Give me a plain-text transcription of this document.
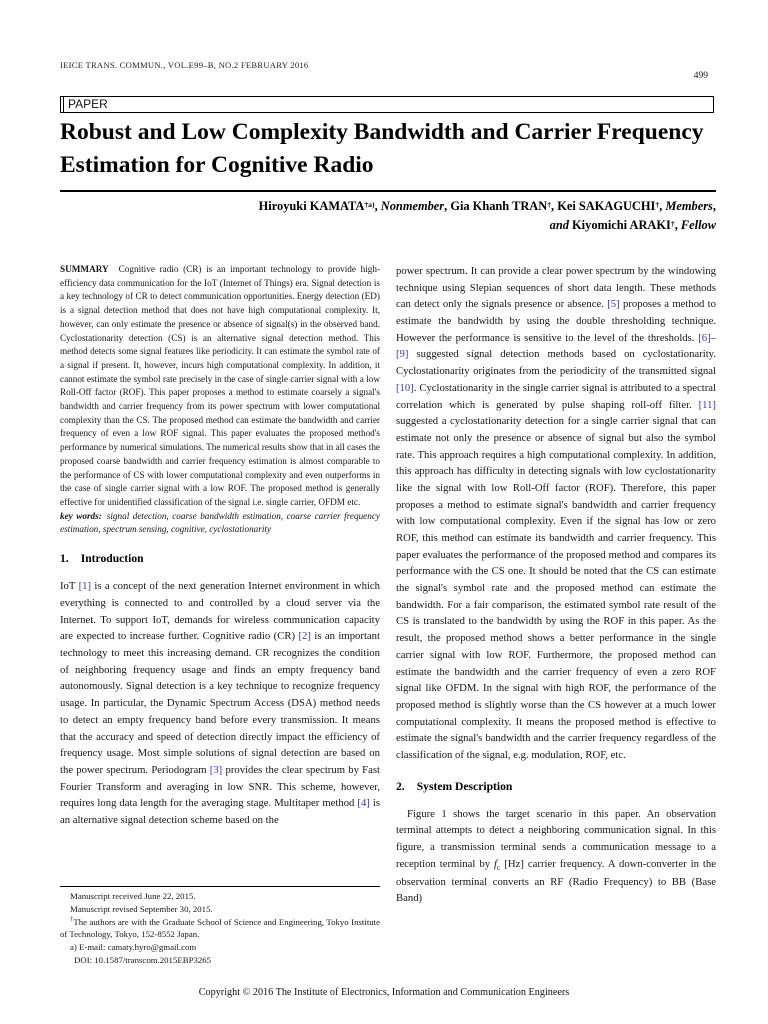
IEICE TRANS. COMMUN., VOL.E99–B, NO.2 FEBRUARY 2016
499
PAPER
Robust and Low Complexity Bandwidth and Carrier Frequency Estimation for Cognitive Radio
Hiroyuki KAMATA$^{\dagger a)}$, Nonmember, Gia Khanh TRAN†, Kei SAKAGUCHI†, Members,
and Kiyomichi ARAKI†, Fellow

SUMMARY Cognitive radio (CR) is an important technology to provide high-efficiency data communication for the IoT (Internet of Things) era. Signal detection is a key technology of CR to detect communication opportunities. Energy detection (ED) is a signal detection method that does not have high computational complexity. It, however, can only estimate the presence or absence of signal(s) in the observed band. Cyclostationarity detection (CS) is an alternative signal detection method. This method detects some signal features like periodicity. It can estimate the symbol rate of a signal if present. It, however, incurs high computational complexity. In addition, it cannot estimate the symbol rate precisely in the case of single carrier signal with a low Roll-Off factor (ROF). This paper proposes a method to estimate coarsely a signal's bandwidth and carrier frequency from its power spectrum with lower computational complexity than the CS. The proposed method can estimate the bandwidth and carrier frequency of even a low ROF signal. This paper evaluates the proposed method's performance by numerical simulations. The numerical results show that in all cases the proposed coarse bandwidth and carrier frequency estimation is almost comparable to the performance of CS with lower computational complexity and even outperforms in the case of single carrier signal with a low ROF. The proposed method is generally effective for unidentified classification of the signal i.e. single carrier, OFDM etc.

key words: signal detection, coarse bandwidth estimation, coarse carrier frequency estimation, spectrum sensing, cognitive, cyclostationarity

1. Introduction

IoT [1] is a concept of the next generation Internet environment in which everything is connected to and controlled by a cloud server via the Internet. To support IoT, demands for wireless communication capacity are expected to increase further. Cognitive radio (CR) [2] is an important technology to meet this increasing demand. CR recognizes the condition of neighboring frequency usage and finds an empty frequency band autonomously. Signal detection is a key technique to recognize frequency usage. In particular, the Dynamic Spectrum Access (DSA) method needs to detect an empty frequency band before every transmission. It means that the accuracy and speed of detection directly impact the efficiency of frequency usage. Most simple solutions of signal detection are based on the power spectrum. Periodogram [3] provides the clear spectrum by Fast Fourier Transform and averaging in low SNR. This scheme, however, requires long data length for the averaging stage. Multitaper method [4] is an alternative signal detection scheme based on the

power spectrum. It can provide a clear power spectrum by the windowing technique using Slepian sequences of short data length. These methods can detect only the signals presence or absence. [5] proposes a method to estimate the bandwidth by using the double thresholding technique. However the performance is sensitive to the level of the thresholds. [6]–[9] suggested signal detection methods based on cyclostationarity. Cyclostationarity originates from the periodicity of the transmitted signal [10]. Cyclostationarity in the single carrier signal is attributed to a spectral correlation which is generated by pulse shaping roll-off filter. [11] suggested a cyclostationarity detection for a single carrier signal that can estimate not only the presence or absence of signal but also the symbol rate. This approach requires a high computational complexity. In addition, this approach has difficulty in detecting signals with low cyclostationarity like the signal with low Roll-Off factor (ROF). Therefore, this paper proposes a method to estimate signal's bandwidth and carrier frequency with low computational complexity. Even if the signal has low or zero ROF, this method can estimate its bandwidth and carrier frequency. This paper evaluates the performance of the proposed method and compares its performance with the CS one. It should be noted that the CS can estimate the signal's symbol rate and the proposed method can estimate the bandwidth. For a fair comparison, the estimated symbol rate result of the CS is translated to the bandwidth by using the ROF in this paper. As the result, the proposed method shows a better performance in the single carrier signal with low ROF. Furthermore, the proposed method can estimate the bandwidth and the carrier frequency of even a zero ROF signal like OFDM. In the signal with high ROF, the performance of the proposed method is slightly worse than the CS however at a much lower computational complexity. It means the proposed method is effective to estimate the signal's bandwidth and the carrier frequency regardless of the classification of the signal, e.g. modulation, ROF, etc.

2. System Description

Figure 1 shows the target scenario in this paper. An observation terminal attempts to detect a neighboring communication signal. In this figure, a transmission terminal sends a communication message to a reception terminal by $f_c$ [Hz] carrier frequency. A down-converter in the observation terminal converts an RF (Radio Frequency) to BB (Base Band)

Manuscript received June 22, 2015.

Manuscript revised September 30, 2015.

†The authors are with the Graduate School of Science and Engineering, Tokyo Institute of Technology, Tokyo, 152-8552 Japan.

a) E-mail: camaty.hyro@gmail.com

DOI: 10.1587/transcom.2015EBP3265

Copyright © 2016 The Institute of Electronics, Information and Communication Engineers
